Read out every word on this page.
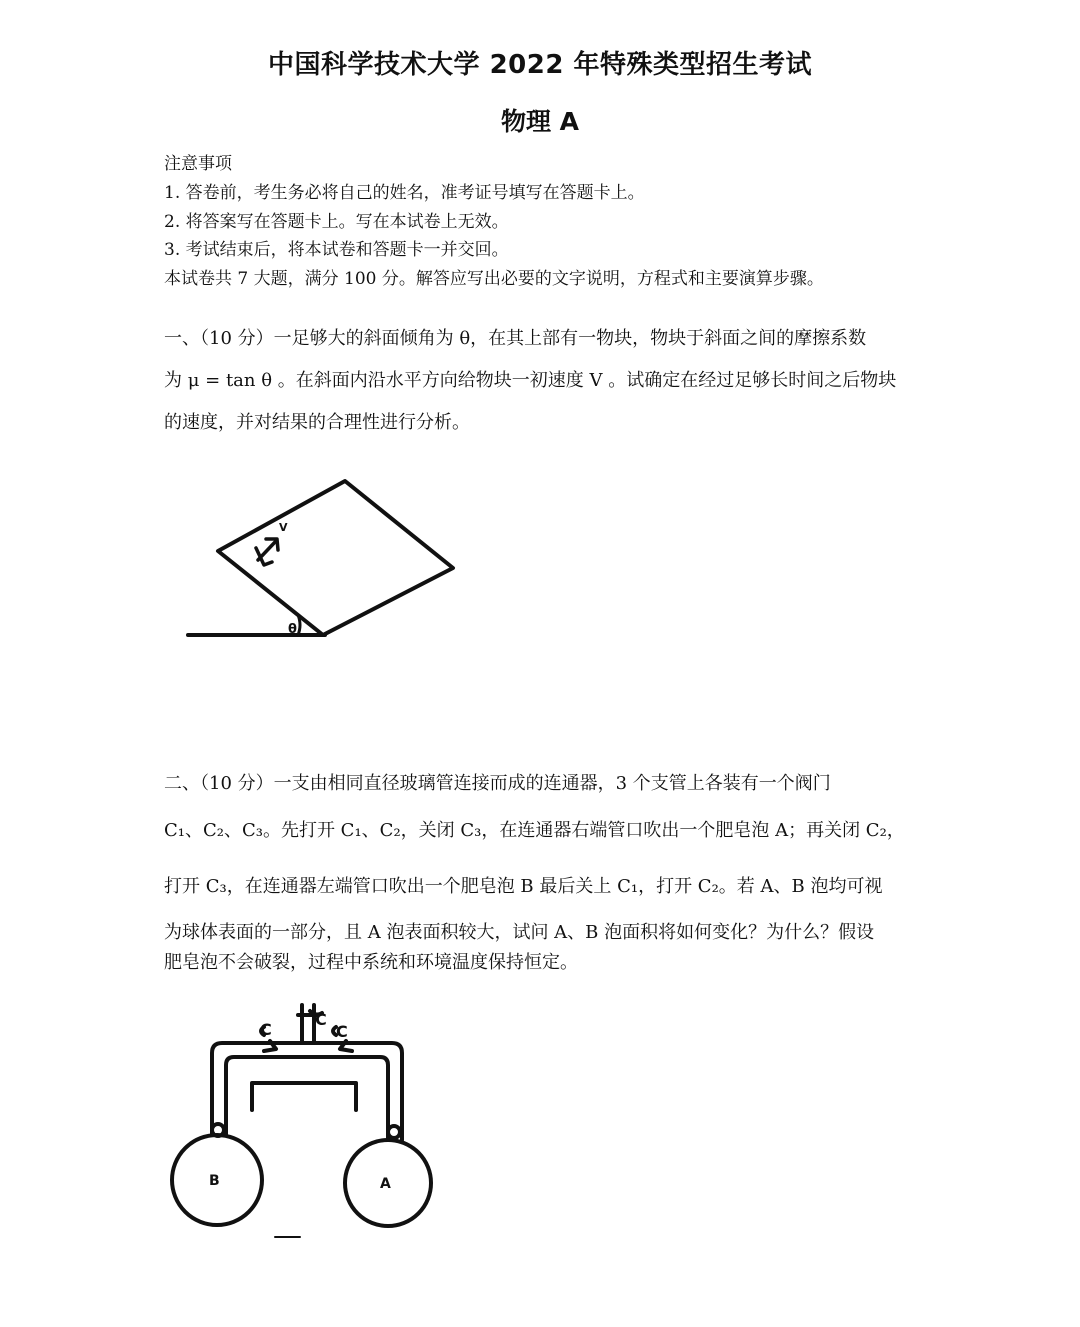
中国科学技术大学 2022 年特殊类型招生考试
物理 A
注意事项
1. 答卷前，考生务必将自己的姓名，准考证号填写在答题卡上。
2. 将答案写在答题卡上。写在本试卷上无效。
3. 考试结束后，将本试卷和答题卡一并交回。
本试卷共 7 大题，满分 100 分。解答应写出必要的文字说明，方程式和主要演算步骤。
一、（10 分）一足够大的斜面倾角为 θ，在其上部有一物块，物块于斜面之间的摩擦系数
为 μ = tan θ 。在斜面内沿水平方向给物块一初速度 V 。试确定在经过足够长时间之后物块
的速度，并对结果的合理性进行分析。
θ
V
二、（10 分）一支由相同直径玻璃管连接而成的连通器，3 个支管上各装有一个阀门
C₁、C₂、C₃。先打开 C₁、C₂，关闭 C₃，在连通器右端管口吹出一个肥皂泡 A；再关闭 C₂，
打开 C₃，在连通器左端管口吹出一个肥皂泡 B 最后关上 C₁，打开 C₂。若 A、B 泡均可视
为球体表面的一部分，且 A 泡表面积较大，试问 A、B 泡面积将如何变化？为什么？假设
肥皂泡不会破裂，过程中系统和环境温度保持恒定。
B	A
C
C
C
